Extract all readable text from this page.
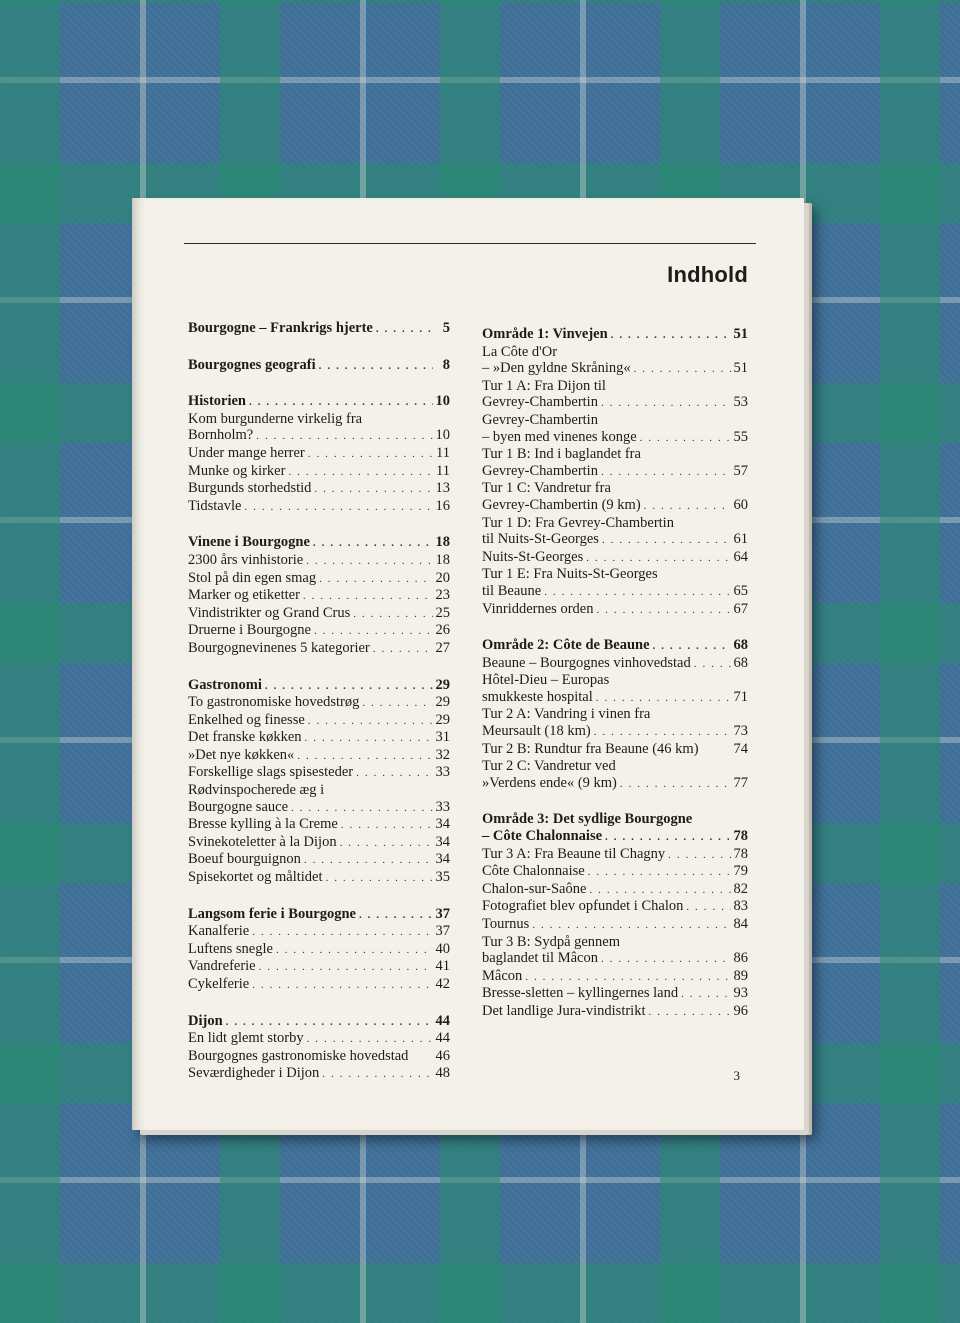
Indhold
Bourgogne – Frankrigs hjerte . . .	5
Bourgognes geografi . . .	8
Historien . . .	10
Kom burgunderne virkelig fra
Bornholm? . . .	10
Under mange herrer . . .	11
Munke og kirker . . .	11
Burgunds storhedstid . . .	13
Tidstavle . . .	16
Vinene i Bourgogne . . .	18
2300 års vinhistorie . . .	18
Stol på din egen smag . . .	20
Marker og etiketter . . .	23
Vindistrikter og Grand Crus . . .	25
Druerne i Bourgogne . . .	26
Bourgognevinenes 5 kategorier . . .	27
Gastronomi . . .	29
To gastronomiske hovedstrøg . . .	29
Enkelhed og finesse . . .	29
Det franske køkken . . .	31
»Det nye køkken« . . .	32
Forskellige slags spisesteder . . .	33
Rødvinspocherede æg i
Bourgogne sauce . . .	33
Bresse kylling à la Creme . . .	34
Svinekoteletter à la Dijon . . .	34
Boeuf bourguignon . . .	34
Spisekortet og måltidet . . .	35
Langsom ferie i Bourgogne . . .	37
Kanalferie . . .	37
Luftens snegle . . .	40
Vandreferie . . .	41
Cykelferie . . .	42
Dijon . . .	44
En lidt glemt storby . . .	44
Bourgognes gastronomiske hovedstad 46
Seværdigheder i Dijon . . .	48
Område 1: Vinvejen . . .	51
La Côte d'Or
– »Den gyldne Skråning« . . .	51
Tur 1 A: Fra Dijon til
Gevrey-Chambertin . . .	53
Gevrey-Chambertin
– byen med vinenes konge . . .	55
Tur 1 B: Ind i baglandet fra
Gevrey-Chambertin . . .	57
Tur 1 C: Vandretur fra
Gevrey-Chambertin (9 km) . . .	60
Tur 1 D: Fra Gevrey-Chambertin
til Nuits-St-Georges . . .	61
Nuits-St-Georges . . .	64
Tur 1 E: Fra Nuits-St-Georges
til Beaune . . .	65
Vinriddernes orden . . .	67
Område 2: Côte de Beaune . . .	68
Beaune – Bourgognes vinhovedstad . . .	68
Hôtel-Dieu – Europas
smukkeste hospital . . .	71
Tur 2 A: Vandring i vinen fra
Meursault (18 km) . . .	73
Tur 2 B: Rundtur fra Beaune (46 km) 74
Tur 2 C: Vandretur ved
»Verdens ende« (9 km) . . .	77
Område 3: Det sydlige Bourgogne
– Côte Chalonnaise . . .	78
Tur 3 A: Fra Beaune til Chagny . . .	78
Côte Chalonnaise . . .	79
Chalon-sur-Saône . . .	82
Fotografiet blev opfundet i Chalon . . .	83
Tournus . . .	84
Tur 3 B: Sydpå gennem
baglandet til Mâcon . . .	86
Mâcon . . .	89
Bresse-sletten – kyllingernes land . . .	93
Det landlige Jura-vindistrikt . . .	96
3
